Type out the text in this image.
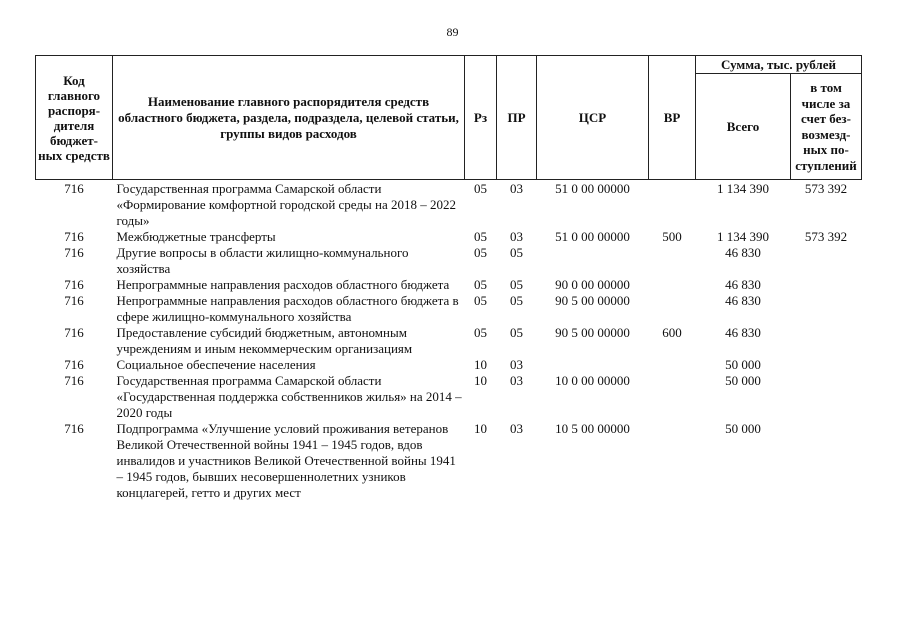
89
Код главного распоря-дителя бюджет-ных средств	Наименование главного распорядителя средств областного бюджета, раздела, подраздела, целевой статьи, группы видов расходов	Рз	ПР	ЦСР	ВР	Сумма, тыс. рублей	
						Всего	в том числе за счет без-возмезд-ных по-ступлений
716	Государственная программа Самарской области «Формирование комфортной городской среды на 2018 – 2022 годы»	05	03	51 0 00 00000		1 134 390	573 392
716	Межбюджетные трансферты	05	03	51 0 00 00000	500	1 134 390	573 392
716	Другие вопросы в области жилищно-коммунального хозяйства	05	05			46 830	
716	Непрограммные направления расходов областного бюджета	05	05	90 0 00 00000		46 830	
716	Непрограммные направления расходов областного бюджета в сфере жилищно-коммунального хозяйства	05	05	90 5 00 00000		46 830	
716	Предоставление субсидий бюджетным, автономным учреждениям и иным некоммерческим организациям	05	05	90 5 00 00000	600	46 830	
716	Социальное обеспечение населения	10	03			50 000	
716	Государственная программа Самарской области «Государственная поддержка собственников жилья» на 2014 – 2020 годы	10	03	10 0 00 00000		50 000	
716	Подпрограмма «Улучшение условий проживания ветеранов Великой Отечественной войны 1941 – 1945 годов, вдов инвалидов и участников Великой Отечественной войны 1941 – 1945 годов, бывших несовершеннолетних узников концлагерей, гетто и других мест	10	03	10 5 00 00000		50 000	
